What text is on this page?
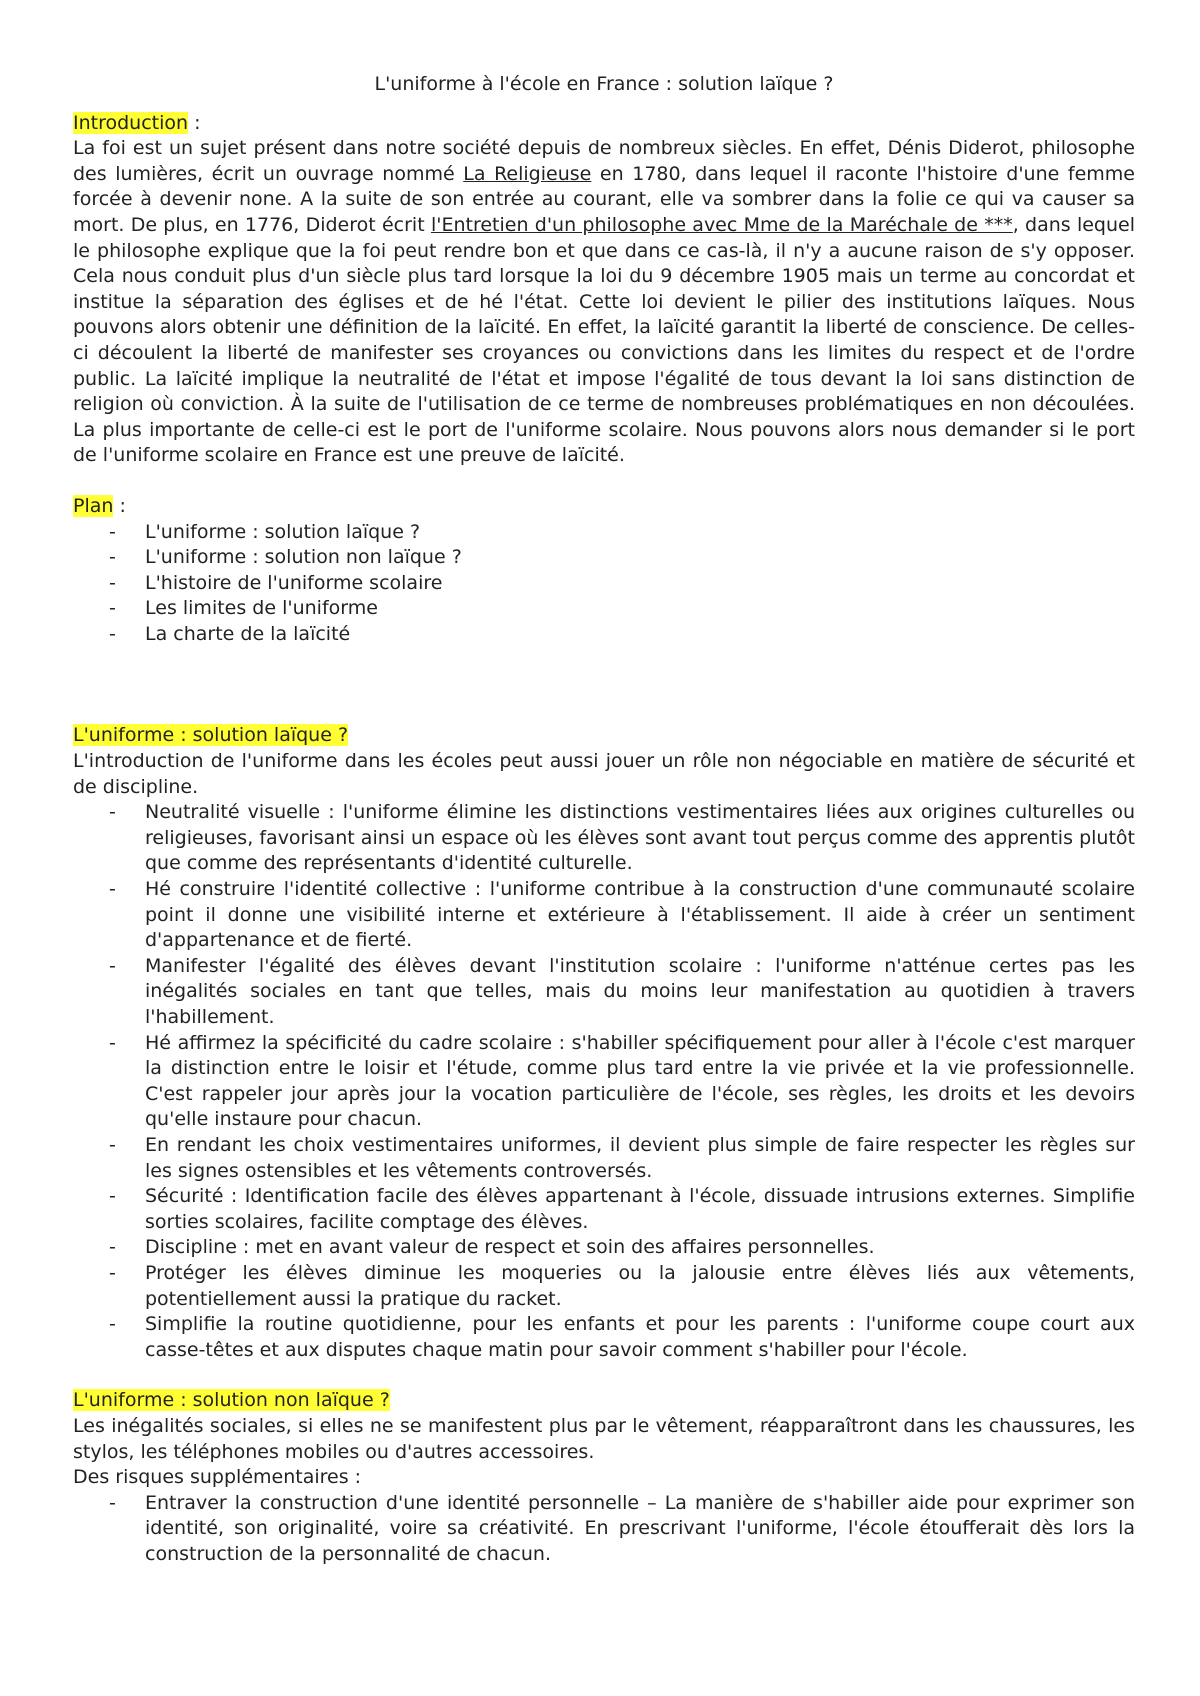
L'uniforme à l'école en France : solution laïque ?
Introduction :

La foi est un sujet présent dans notre société depuis de nombreux siècles. En effet, Dénis Diderot, philosophe des lumières, écrit un ouvrage nommé La Religieuse en 1780, dans lequel il raconte l'histoire d'une femme forcée à devenir none. A la suite de son entrée au courant, elle va sombrer dans la folie ce qui va causer sa mort. De plus, en 1776, Diderot écrit l'Entretien d'un philosophe avec Mme de la Maréchale de ***, dans lequel le philosophe explique que la foi peut rendre bon et que dans ce cas-là, il n'y a aucune raison de s'y opposer. Cela nous conduit plus d'un siècle plus tard lorsque la loi du 9 décembre 1905 mais un terme au concordat et institue la séparation des églises et de hé l'état. Cette loi devient le pilier des institutions laïques. Nous pouvons alors obtenir une définition de la laïcité. En effet, la laïcité garantit la liberté de conscience. De celles-ci découlent la liberté de manifester ses croyances ou convictions dans les limites du respect et de l'ordre public. La laïcité implique la neutralité de l'état et impose l'égalité de tous devant la loi sans distinction de religion où conviction. À la suite de l'utilisation de ce terme de nombreuses problématiques en non découlées. La plus importante de celle-ci est le port de l'uniforme scolaire. Nous pouvons alors nous demander si le port de l'uniforme scolaire en France est une preuve de laïcité.

Plan :
- L'uniforme : solution laïque ?
- L'uniforme : solution non laïque ?
- L'histoire de l'uniforme scolaire
- Les limites de l'uniforme
- La charte de la laïcité
L'uniforme : solution laïque ?

L'introduction de l'uniforme dans les écoles peut aussi jouer un rôle non négociable en matière de sécurité et de discipline.

- Neutralité visuelle : l'uniforme élimine les distinctions vestimentaires liées aux origines culturelles ou religieuses, favorisant ainsi un espace où les élèves sont avant tout perçus comme des apprentis plutôt que comme des représentants d'identité culturelle.
- Hé construire l'identité collective : l'uniforme contribue à la construction d'une communauté scolaire point il donne une visibilité interne et extérieure à l'établissement. Il aide à créer un sentiment d'appartenance et de fierté.
- Manifester l'égalité des élèves devant l'institution scolaire : l'uniforme n'atténue certes pas les inégalités sociales en tant que telles, mais du moins leur manifestation au quotidien à travers l'habillement.
- Hé affirmez la spécificité du cadre scolaire : s'habiller spécifiquement pour aller à l'école c'est marquer la distinction entre le loisir et l'étude, comme plus tard entre la vie privée et la vie professionnelle. C'est rappeler jour après jour la vocation particulière de l'école, ses règles, les droits et les devoirs qu'elle instaure pour chacun.
- En rendant les choix vestimentaires uniformes, il devient plus simple de faire respecter les règles sur les signes ostensibles et les vêtements controversés.
- Sécurité : Identification facile des élèves appartenant à l'école, dissuade intrusions externes. Simplifie sorties scolaires, facilite comptage des élèves.
- Discipline : met en avant valeur de respect et soin des affaires personnelles.
- Protéger les élèves diminue les moqueries ou la jalousie entre élèves liés aux vêtements, potentiellement aussi la pratique du racket.
- Simplifie la routine quotidienne, pour les enfants et pour les parents : l'uniforme coupe court aux casse-têtes et aux disputes chaque matin pour savoir comment s'habiller pour l'école.
L'uniforme : solution non laïque ?

Les inégalités sociales, si elles ne se manifestent plus par le vêtement, réapparaîtront dans les chaussures, les stylos, les téléphones mobiles ou d'autres accessoires.

Des risques supplémentaires :

- Entraver la construction d'une identité personnelle – La manière de s'habiller aide pour exprimer son identité, son originalité, voire sa créativité. En prescrivant l'uniforme, l'école étoufferait dès lors la construction de la personnalité de chacun.
